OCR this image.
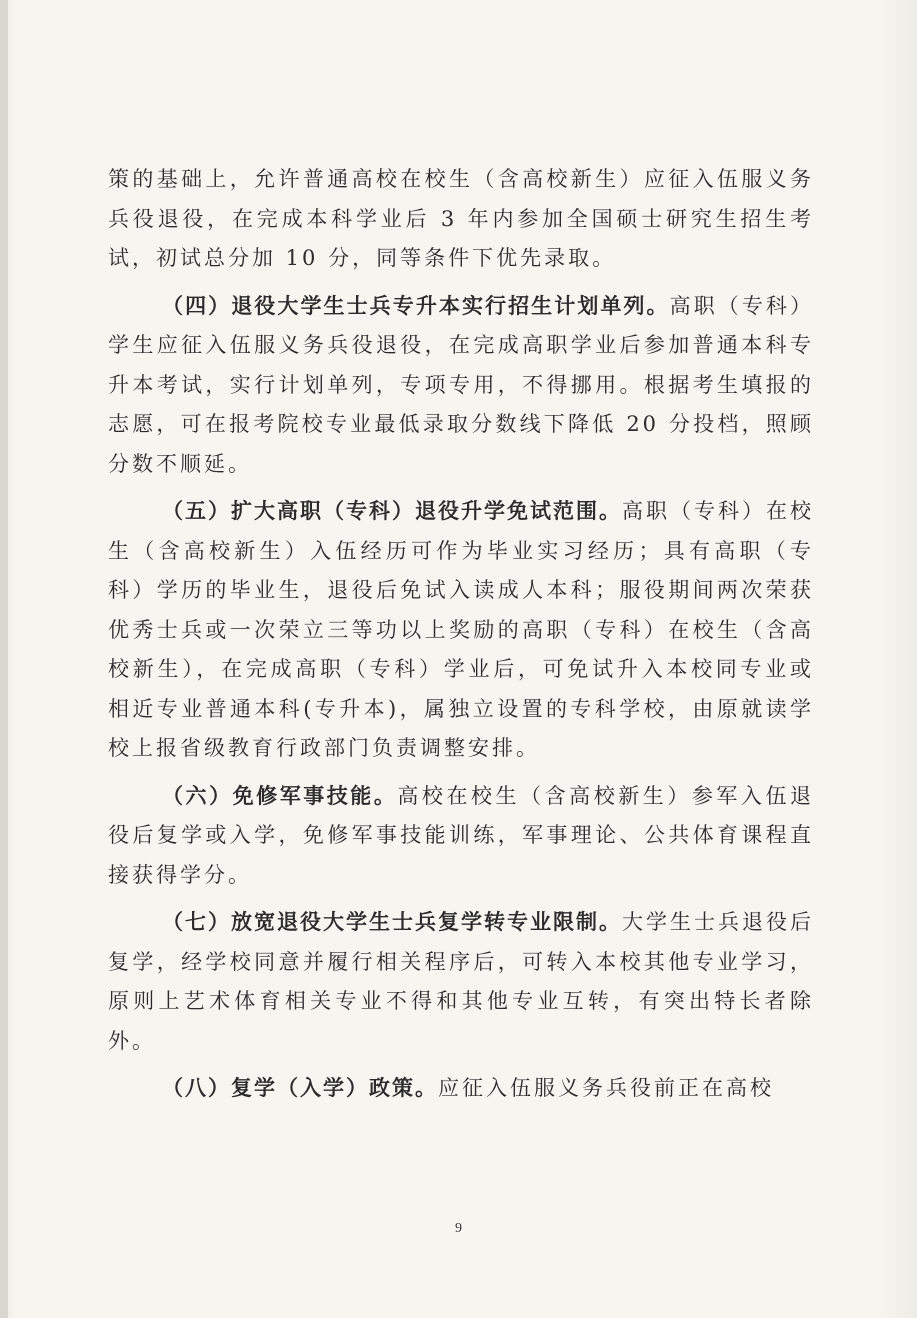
策的基础上，允许普通高校在校生（含高校新生）应征入伍服义务兵役退役，在完成本科学业后 3 年内参加全国硕士研究生招生考试，初试总分加 10 分，同等条件下优先录取。

（四）退役大学生士兵专升本实行招生计划单列。高职（专科）学生应征入伍服义务兵役退役，在完成高职学业后参加普通本科专升本考试，实行计划单列，专项专用，不得挪用。根据考生填报的志愿，可在报考院校专业最低录取分数线下降低 20 分投档，照顾分数不顺延。

（五）扩大高职（专科）退役升学免试范围。高职（专科）在校生（含高校新生）入伍经历可作为毕业实习经历；具有高职（专科）学历的毕业生，退役后免试入读成人本科；服役期间两次荣获优秀士兵或一次荣立三等功以上奖励的高职（专科）在校生（含高校新生），在完成高职（专科）学业后，可免试升入本校同专业或相近专业普通本科(专升本)，属独立设置的专科学校，由原就读学校上报省级教育行政部门负责调整安排。

（六）免修军事技能。高校在校生（含高校新生）参军入伍退役后复学或入学，免修军事技能训练，军事理论、公共体育课程直接获得学分。

（七）放宽退役大学生士兵复学转专业限制。大学生士兵退役后复学，经学校同意并履行相关程序后，可转入本校其他专业学习，原则上艺术体育相关专业不得和其他专业互转，有突出特长者除外。

（八）复学（入学）政策。应征入伍服义务兵役前正在高校

9
